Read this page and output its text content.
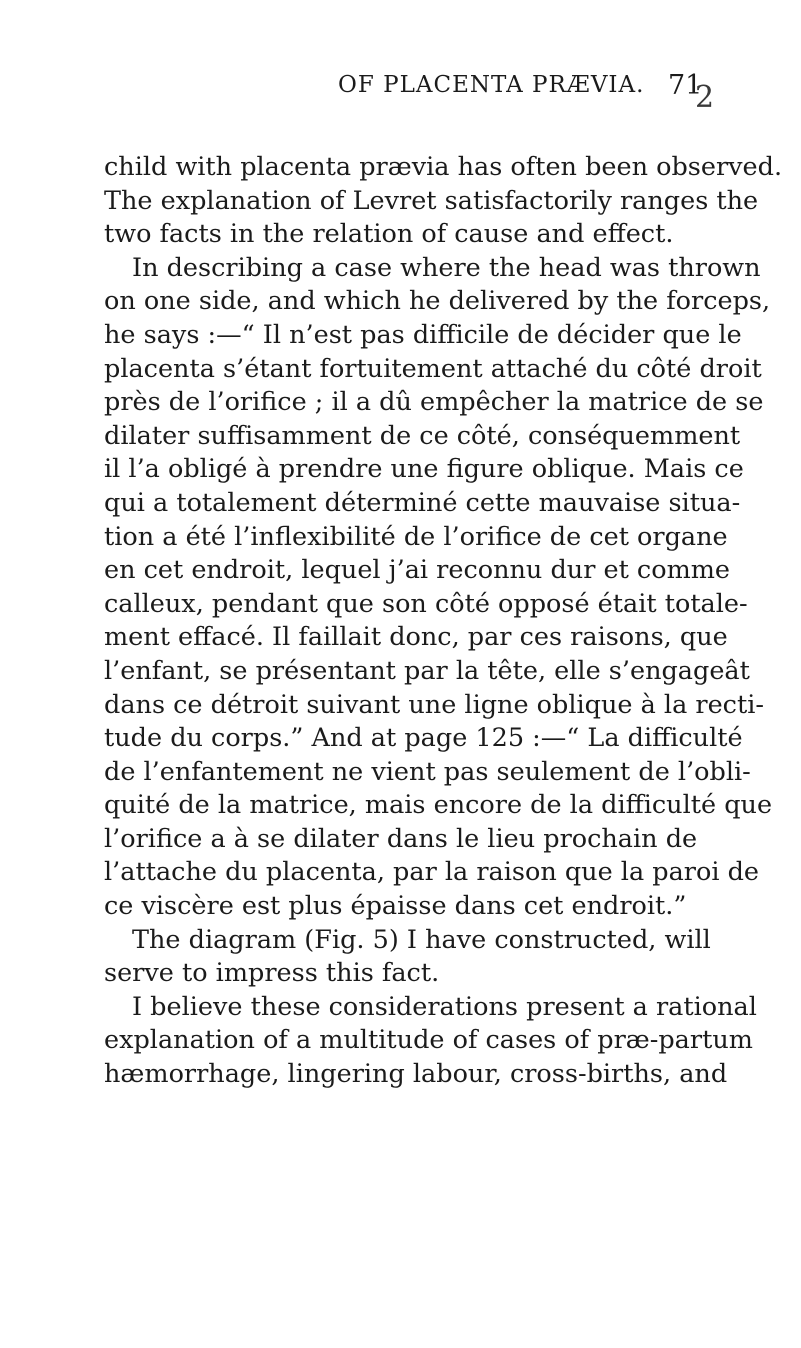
OF PLACENTA PRÆVIA. 71
2
child with placenta prævia has often been observed.
The explanation of Levret satisfactorily ranges the
two facts in the relation of cause and effect.
In describing a case where the head was thrown
on one side, and which he delivered by the forceps,
he says :—“ Il n’est pas difficile de décider que le
placenta s’étant fortuitement attaché du côté droit
près de l’orifice ; il a dû empêcher la matrice de se
dilater suffisamment de ce côté, conséquemment
il l’a obligé à prendre une figure oblique. Mais ce
qui a totalement déterminé cette mauvaise situa-
tion a été l’inflexibilité de l’orifice de cet organe
en cet endroit, lequel j’ai reconnu dur et comme
calleux, pendant que son côté opposé était totale-
ment effacé. Il faillait donc, par ces raisons, que
l’enfant, se présentant par la tête, elle s’engageât
dans ce détroit suivant une ligne oblique à la recti-
tude du corps.” And at page 125 :—“ La difficulté
de l’enfantement ne vient pas seulement de l’obli-
quité de la matrice, mais encore de la difficulté que
l’orifice a à se dilater dans le lieu prochain de
l’attache du placenta, par la raison que la paroi de
ce viscère est plus épaisse dans cet endroit.”
The diagram (Fig. 5) I have constructed, will
serve to impress this fact.
I believe these considerations present a rational
explanation of a multitude of cases of præ-partum
hæmorrhage, lingering labour, cross-births, and
